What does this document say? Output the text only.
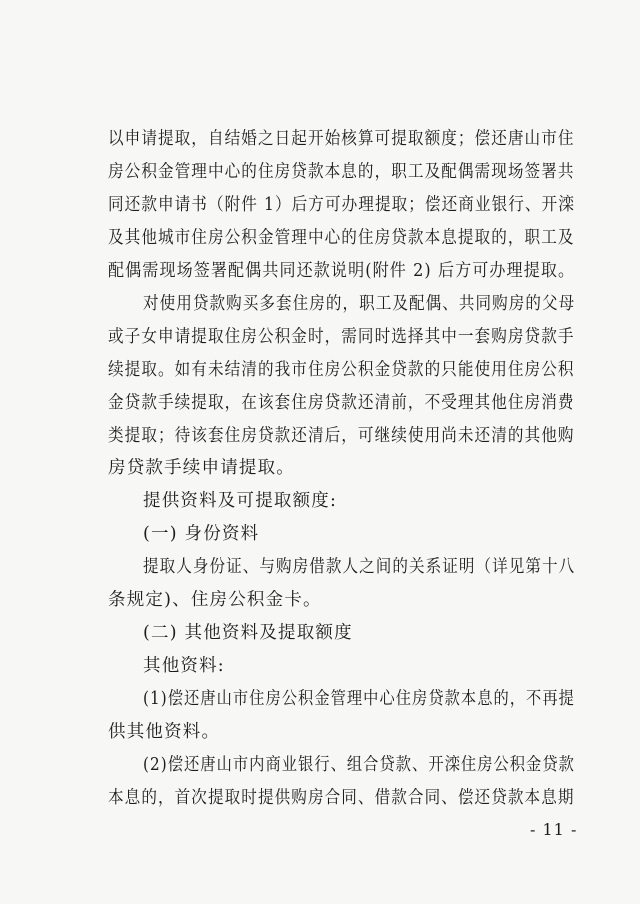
以申请提取，自结婚之日起开始核算可提取额度；偿还唐山市住
房公积金管理中心的住房贷款本息的，职工及配偶需现场签署共
同还款申请书（附件 1）后方可办理提取；偿还商业银行、开滦
及其他城市住房公积金管理中心的住房贷款本息提取的，职工及
配偶需现场签署配偶共同还款说明(附件 2) 后方可办理提取。
对使用贷款购买多套住房的，职工及配偶、共同购房的父母
或子女申请提取住房公积金时，需同时选择其中一套购房贷款手
续提取。如有未结清的我市住房公积金贷款的只能使用住房公积
金贷款手续提取，在该套住房贷款还清前，不受理其他住房消费
类提取；待该套住房贷款还清后，可继续使用尚未还清的其他购
房贷款手续申请提取。
提供资料及可提取额度:
(一) 身份资料
提取人身份证、与购房借款人之间的关系证明（详见第十八
条规定)、住房公积金卡。
(二) 其他资料及提取额度
其他资料:
(1)偿还唐山市住房公积金管理中心住房贷款本息的，不再提
供其他资料。
(2)偿还唐山市内商业银行、组合贷款、开滦住房公积金贷款
本息的，首次提取时提供购房合同、借款合同、偿还贷款本息期
- 11 -
